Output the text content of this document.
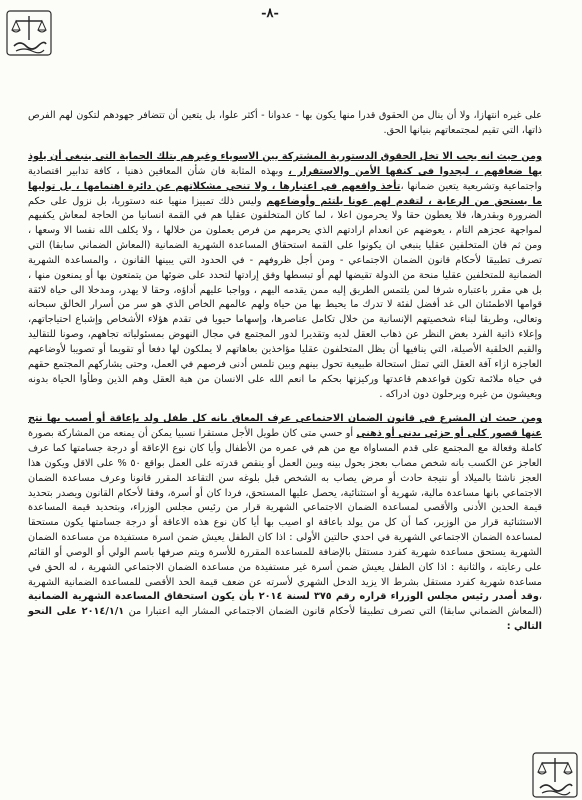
-٨-

على غيره انتهازا، ولا أن ينال من الحقوق قدرا منها يكون بها - عدوانا - أكثر علوا، بل يتعين أن تتضافر جهودهم لتكون لهم الفرص ذاتها، التي تقيم لمجتمعاتهم بنيانها الحق.

ومن حيث انه يجب الا تخل الحقوق الدستورية المشتركة بين الاسوياء وغيرهم بتلك الحماية التي ينبغي أن يلوذ بها ضعافهم ، ليجدوا في كنفها الأمن والاستقرار ، وبهذه المثابة فان شأن المعاقين ذهنيا ، كافة تدابير اقتصادية واجتماعية وتشريعية يتعين ضمانها ،تأخذ واقعهم في اعتبارها ، ولا تنحي مشكلاتهم عن دائرة اهتمامها ، بل توليها ما يستحق من الرعاية ، لتقدم لهم عونا يلتئم وأوضاعهم وليس ذلك تمييزا منهيا عنه دستوريا، بل نزول على حكم الضرورة وبقدرها، فلا يعطون حقا ولا يحرمون اعلا ، لما كان المتخلفون عقليا هم في القمة انسانيا من الحاجة لمعاش يكفيهم لمواجهة عجزهم التام ، يعوضهم عن انعدام ارادتهم الذي يحرمهم من فرص يعملون من خلالها ، ولا يكلف الله نفسا الا وسعها ، ومن ثم فان المتخلفين عقليا ينبغي ان يكونوا على القمة استحقاق المساعدة الشهرية الضمانية (المعاش الضماني سابقا) التي تصرف تطبيقا لأحكام قانون الضمان الاجتماعي - ومن أجل ظروفهم - في الحدود التي يبينها القانون ، والمساعدة الشهرية الضمانية للمتخلفين عقليا منحة من الدولة تقيضها لهم أو تبسطها وفق إرادتها لتحدد على ضوئها من يتمتعون بها أو يمنعون منها ، بل هي مقرر باعتباره شرفا لمن يلتمس الطريق إليه ممن يقدمه اليهم ، وواجبا عليهم أداؤه، وحقا لا يهدر، ومدخلا الى حياة لائقة قوامها الاطمئنان الى غد أفضل لفئة لا تدرك ما يحيط بها من حياة ولهم عالمهم الخاص الذي هو سر من أسرار الخالق سبحانه وتعالى، وطريقا لبناء شخصيتهم الإنسانية من خلال تكامل عناصرها، وإسهاما حيويا في تقدم هؤلاء الأشخاص وإشباع احتياجاتهم، وإعلاء ذاتية الفرد بغض النظر عن ذهاب العقل لديه وتقديرا لدور المجتمع في مجال النهوض بمسئولياته تجاههم، وصونا للتقاليد والقيم الخلقية الأصيلة، التي ينافيها أن يظل المتخلفون عقليا مؤاخذين بعاهاتهم لا يملكون لها دفعا أو تقويما أو تصويبا لأوضاعهم العاجزة ازاء آفة العقل التي تمثل استحالة طبيعية تحول بينهم وبين تلمس أدنى فرصهم في العمل، وحتى يشاركهم المجتمع حقهم في حياة ملائمة تكون قواعدهم قاعدتها وركيزتها بحكم ما انعم الله على الانسان من هبة العقل وهم الذين وطأوا الحياة بدونه ويعيشون من غيره ويرحلون دون ادراكه .

ومن حيث ان المشرع في قانون الضمان الاجتماعي عرف المعاق بانه كل طفل ولد بإعاقة أو أصيب بها نتج عنها قصور كلي أو جزئي بدني أو ذهني أو حسي متى كان طويل الأجل مستقرا نسبيا يمكن أن يمنعه من المشاركة بصورة كاملة وفعالة مع المجتمع على قدم المساواة مع من هم في عمره من الأطفال وأيا كان نوع الإعاقة أو درجة جسامتها كما عرف العاجز عن الكسب بانه شخص مصاب بعجز يحول بينه وبين العمل أو ينقص قدرته على العمل بواقع ٥٠ % على الاقل ويكون هذا العجز ناشئا بالميلاد أو نتيجة حادث أو مرض يصاب به الشخص قبل بلوغه سن التقاعد المقرر قانونا وعرف مساعدة الضمان الاجتماعي بانها مساعدة مالية، شهرية أو استثنائية، يحصل عليها المستحق، فردا كان أو أسرة، وفقا لأحكام القانون ويصدر بتحديد قيمة الحدين الأدنى والأقصى لمساعدة الضمان الاجتماعي الشهرية قرار من رئيس مجلس الوزراء، وبتحديد قيمة المساعدة الاستثنائية قرار من الوزير، كما أن كل من يولد باعاقة او اصيب بها أيا كان نوع هذه الاعاقة أو درجة جسامتها يكون مستحقا لمساعدة الضمان الاجتماعي الشهرية في احدي حالتين الأولى : اذا كان الطفل يعيش ضمن اسرة مستفيدة من مساعدة الضمان الشهرية يستحق مساعدة شهرية كفرد مستقل بالإضافة للمساعدة المقررة للأسرة ويتم صرفها باسم الولي أو الوصي أو القائم على رعايته ، والثانية : اذا كان الطفل يعيش ضمن أسرة غير مستفيدة من مساعدة الضمان الاجتماعي الشهرية ، له الحق في مساعدة شهرية كفرد مستقل بشرط الا يزيد الدخل الشهري لأسرته عن ضعف قيمة الحد الأقصى للمساعدة الضمانية الشهرية ،وقد أصدر رئيس مجلس الوزراء قراره رقم ٣٧٥ لسنة ٢٠١٤ بأن يكون استحقاق المساعدة الشهرية الضمانية (المعاش الضماني سابقا) التي تصرف تطبيقا لأحكام قانون الضمان الاجتماعي المشار اليه اعتبارا من ٢٠١٤/١/١ على النحو التالي :
